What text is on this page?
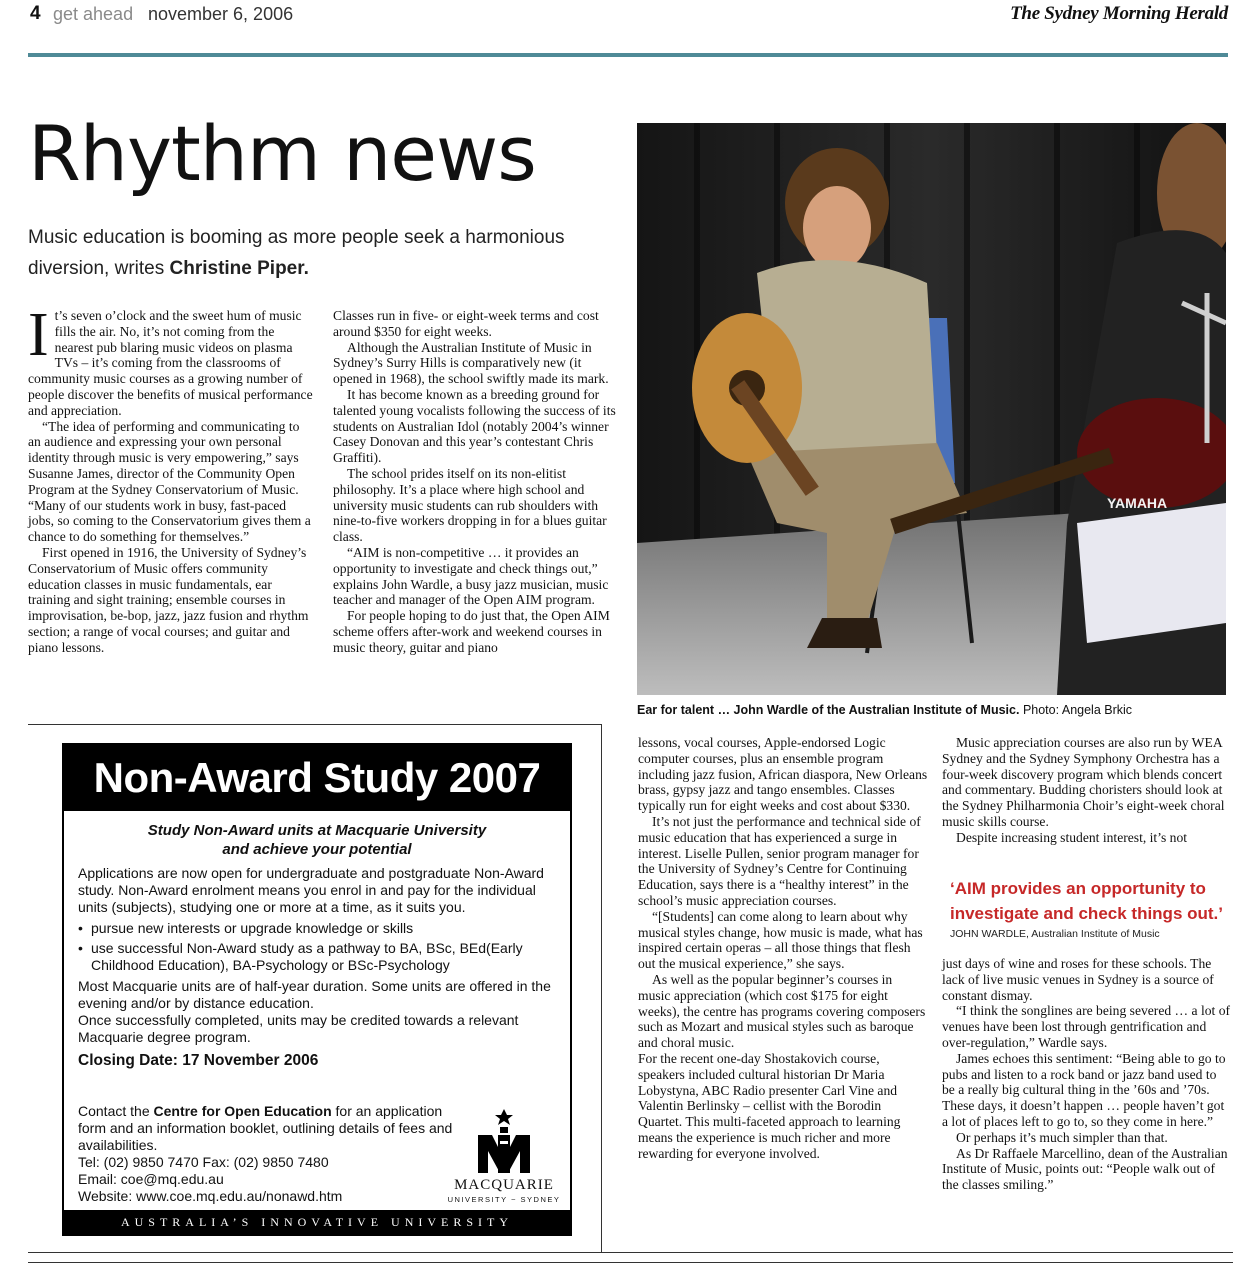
4 get ahead november 6, 2006	The Sydney Morning Herald
Rhythm news
Music education is booming as more people seek a harmonious diversion, writes Christine Piper.

It’s seven o’clock and the sweet hum of music fills the air. No, it’s not coming from the nearest pub blaring music videos on plasma TVs – it’s coming from the classrooms of community music courses as a growing number of people discover the benefits of musical performance and appreciation.

“The idea of performing and communicating to an audience and expressing your own personal identity through music is very empowering,” says Susanne James, director of the Community Open Program at the Sydney Conservatorium of Music. “Many of our students work in busy, fast-paced jobs, so coming to the Conservatorium gives them a chance to do something for themselves.”

First opened in 1916, the University of Sydney’s Conservatorium of Music offers community education classes in music fundamentals, ear training and sight training; ensemble courses in improvisation, be-bop, jazz, jazz fusion and rhythm section; a range of vocal courses; and guitar and piano lessons.

Classes run in five- or eight-week terms and cost around $350 for eight weeks.

Although the Australian Institute of Music in Sydney’s Surry Hills is comparatively new (it opened in 1968), the school swiftly made its mark.

It has become known as a breeding ground for talented young vocalists following the success of its students on Australian Idol (notably 2004’s winner Casey Donovan and this year’s contestant Chris Graffiti).

The school prides itself on its non-elitist philosophy. It’s a place where high school and university music students can rub shoulders with nine-to-five workers dropping in for a blues guitar class.

“AIM is non-competitive … it provides an opportunity to investigate and check things out,” explains John Wardle, a busy jazz musician, music teacher and manager of the Open AIM program.

For people hoping to do just that, the Open AIM scheme offers after-work and weekend courses in music theory, guitar and piano

YAMAHA
Ear for talent … John Wardle of the Australian Institute of Music. Photo: Angela Brkic

lessons, vocal courses, Apple-endorsed Logic computer courses, plus an ensemble program including jazz fusion, African diaspora, New Orleans brass, gypsy jazz and tango ensembles. Classes typically run for eight weeks and cost about $330.

It’s not just the performance and technical side of music education that has experienced a surge in interest. Liselle Pullen, senior program manager for the University of Sydney’s Centre for Continuing Education, says there is a “healthy interest” in the school’s music appreciation courses.

“[Students] can come along to learn about why musical styles change, how music is made, what has inspired certain operas – all those things that flesh out the musical experience,” she says.

As well as the popular beginner’s courses in music appreciation (which cost $175 for eight weeks), the centre has programs covering composers such as Mozart and musical styles such as baroque and choral music.

For the recent one-day Shostakovich course, speakers included cultural historian Dr Maria Lobystyna, ABC Radio presenter Carl Vine and Valentin Berlinsky – cellist with the Borodin Quartet. This multi-faceted approach to learning means the experience is much richer and more rewarding for everyone involved.

Music appreciation courses are also run by WEA Sydney and the Sydney Symphony Orchestra has a four-week discovery program which blends concert and commentary. Budding choristers should look at the Sydney Philharmonia Choir’s eight-week choral music skills course.

Despite increasing student interest, it’s not

‘AIM provides an opportunity to investigate and check things out.’
JOHN WARDLE, Australian Institute of Music

just days of wine and roses for these schools. The lack of live music venues in Sydney is a source of constant dismay.

“I think the songlines are being severed … a lot of venues have been lost through gentrification and over-regulation,” Wardle says.

James echoes this sentiment: “Being able to go to pubs and listen to a rock band or jazz band used to be a really big cultural thing in the ’60s and ’70s. These days, it doesn’t happen … people haven’t got a lot of places left to go to, so they come in here.”

Or perhaps it’s much simpler than that.

As Dr Raffaele Marcellino, dean of the Australian Institute of Music, points out: “People walk out of the classes smiling.”

Non-Award Study 2007
Study Non-Award units at Macquarie University
and achieve your potential

Applications are now open for undergraduate and postgraduate Non-Award study. Non-Award enrolment means you enrol in and pay for the individual units (subjects), studying one or more at a time, as it suits you.

• pursue new interests or upgrade knowledge or skills
• use successful Non-Award study as a pathway to BA, BSc, BEd(Early Childhood Education), BA-Psychology or BSc-Psychology

Most Macquarie units are of half-year duration. Some units are offered in the evening and/or by distance education.

Once successfully completed, units may be credited towards a relevant Macquarie degree program.

Closing Date: 17 November 2006

Contact the Centre for Open Education for an application form and an information booklet, outlining details of fees and availabilities.
Tel: (02) 9850 7470 Fax: (02) 9850 7480
Email: coe@mq.edu.au
Website: www.coe.mq.edu.au/nonawd.htm
MACQUARIE
UNIVERSITY ~ SYDNEY
AUSTRALIA’S INNOVATIVE UNIVERSITY
